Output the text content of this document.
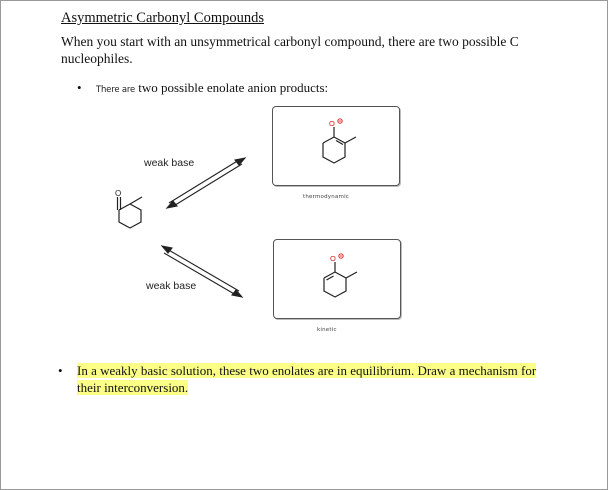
Asymmetric Carbonyl Compounds
When you start with an unsymmetrical carbonyl compound, there are two possible C nucleophiles.
• There are two possible enolate anion products:
O
weak base
weak base
O
thermodynamic
O
kinetic
• In a weakly basic solution, these two enolates are in equilibrium. Draw a mechanism for
their interconversion.
